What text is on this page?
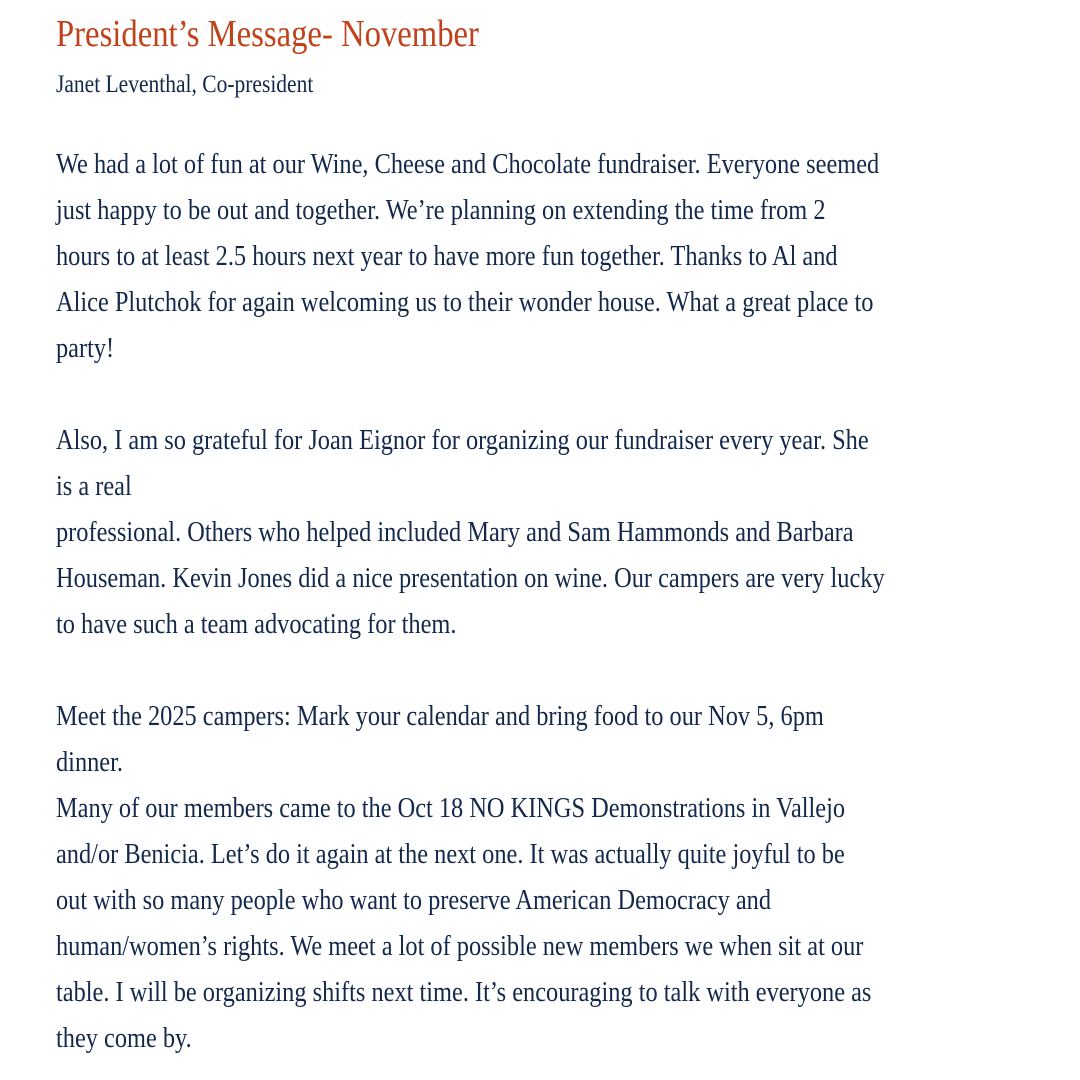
President’s Message- November

Janet Leventhal, Co-president

We had a lot of fun at our Wine, Cheese and Chocolate fundraiser. Everyone seemed
just happy to be out and together. We’re planning on extending the time from 2
hours to at least 2.5 hours next year to have more fun together. Thanks to Al and
Alice Plutchok for again welcoming us to their wonder house. What a great place to
party!
Also, I am so grateful for Joan Eignor for organizing our fundraiser every year. She
is a real
professional. Others who helped included Mary and Sam Hammonds and Barbara
Houseman. Kevin Jones did a nice presentation on wine. Our campers are very lucky
to have such a team advocating for them.
Meet the 2025 campers: Mark your calendar and bring food to our Nov 5, 6pm
dinner.
Many of our members came to the Oct 18 NO KINGS Demonstrations in Vallejo
and/or Benicia. Let’s do it again at the next one. It was actually quite joyful to be
out with so many people who want to preserve American Democracy and
human/women’s rights. We meet a lot of possible new members we when sit at our
table. I will be organizing shifts next time. It’s encouraging to talk with everyone as
they come by.
